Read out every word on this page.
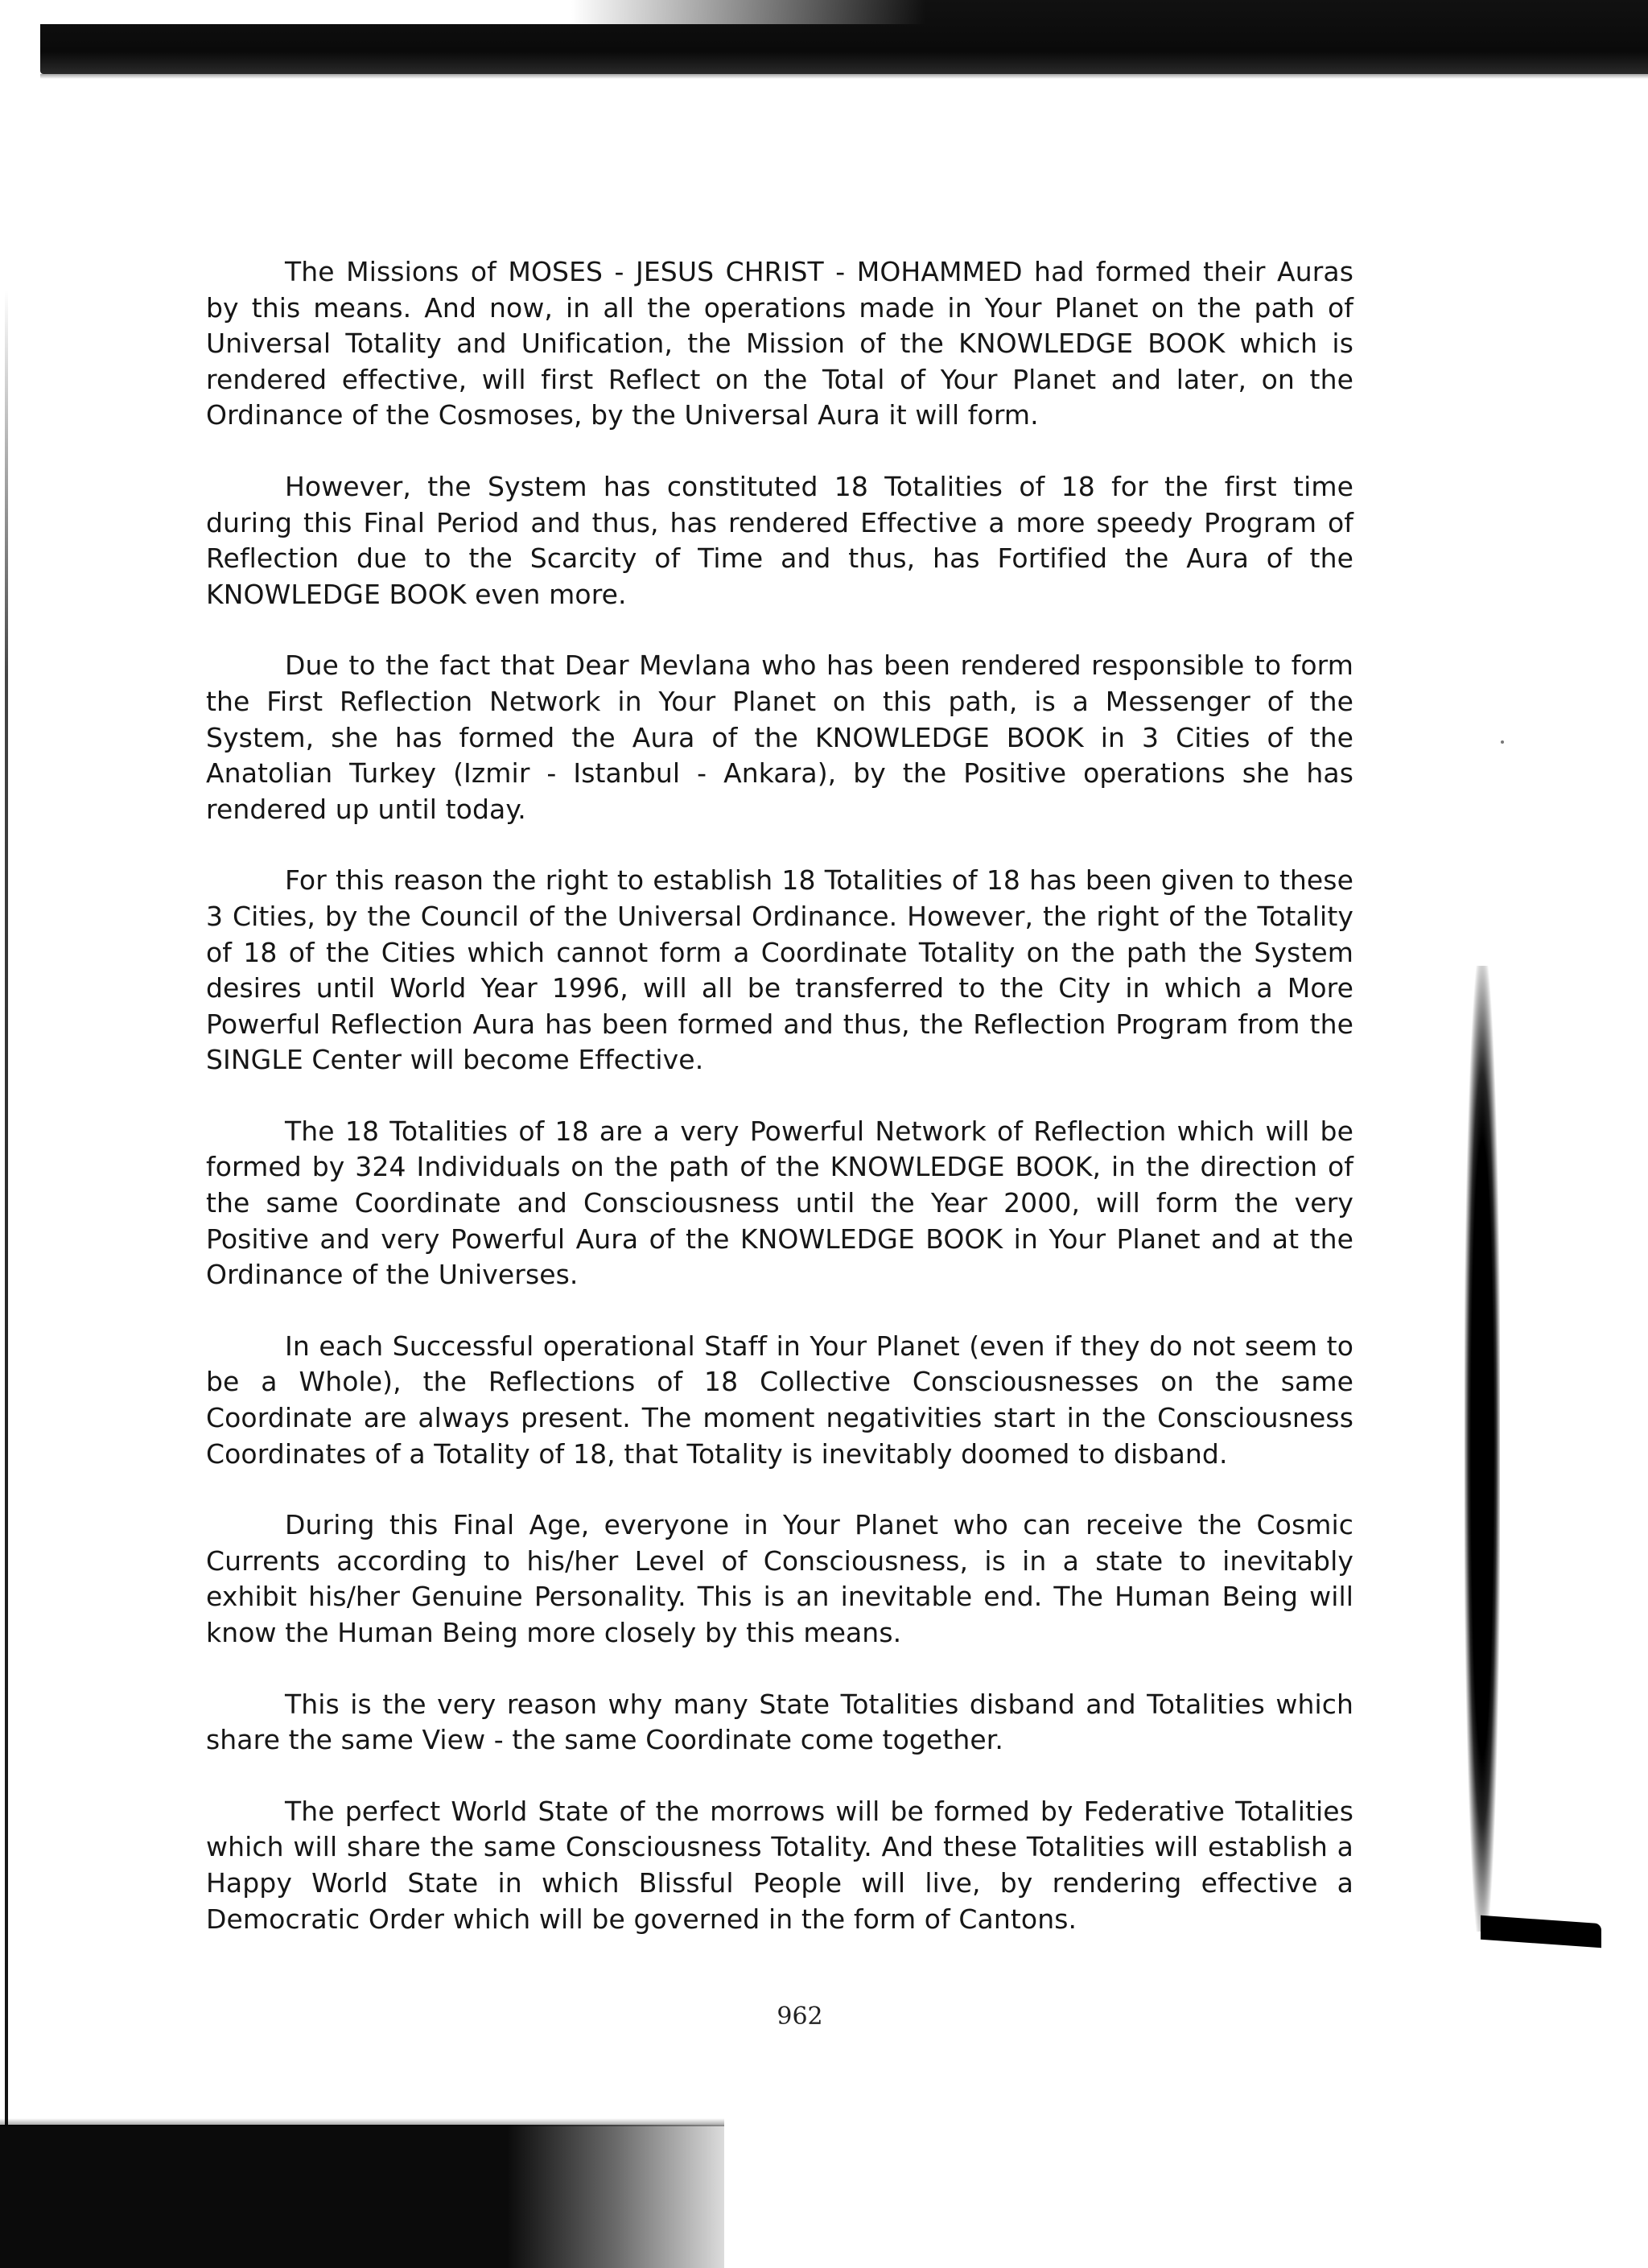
The Missions of MOSES - JESUS CHRIST - MOHAMMED had formed their Auras by this means. And now, in all the operations made in Your Planet on the path of Universal Totality and Unification, the Mission of the KNOWLEDGE BOOK which is rendered effective, will first Reflect on the Total of Your Planet and later, on the Ordinance of the Cosmoses, by the Universal Aura it will form.

However, the System has constituted 18 Totalities of 18 for the first time during this Final Period and thus, has rendered Effective a more speedy Program of Reflection due to the Scarcity of Time and thus, has Fortified the Aura of the KNOWLEDGE BOOK even more.

Due to the fact that Dear Mevlana who has been rendered responsible to form the First Reflection Network in Your Planet on this path, is a Messenger of the System, she has formed the Aura of the KNOWLEDGE BOOK in 3 Cities of the Anatolian Turkey (Izmir - Istanbul - Ankara), by the Positive operations she has rendered up until today.

For this reason the right to establish 18 Totalities of 18 has been given to these 3 Cities, by the Council of the Universal Ordinance. However, the right of the Totality of 18 of the Cities which cannot form a Coordinate Totality on the path the System desires until World Year 1996, will all be transferred to the City in which a More Powerful Reflection Aura has been formed and thus, the Reflection Program from the SINGLE Center will become Effective.

The 18 Totalities of 18 are a very Powerful Network of Reflection which will be formed by 324 Individuals on the path of the KNOWLEDGE BOOK, in the direction of the same Coordinate and Consciousness until the Year 2000, will form the very Positive and very Powerful Aura of the KNOWLEDGE BOOK in Your Planet and at the Ordinance of the Universes.

In each Successful operational Staff in Your Planet (even if they do not seem to be a Whole), the Reflections of 18 Collective Consciousnesses on the same Coordinate are always present. The moment negativities start in the Consciousness Coordinates of a Totality of 18, that Totality is inevitably doomed to disband.

During this Final Age, everyone in Your Planet who can receive the Cosmic Currents according to his/her Level of Consciousness, is in a state to inevitably exhibit his/her Genuine Personality. This is an inevitable end. The Human Being will know the Human Being more closely by this means.

This is the very reason why many State Totalities disband and Totalities which share the same View - the same Coordinate come together.

The perfect World State of the morrows will be formed by Federative Totalities which will share the same Consciousness Totality. And these Totalities will establish a Happy World State in which Blissful People will live, by rendering effective a Democratic Order which will be governed in the form of Cantons.

962
